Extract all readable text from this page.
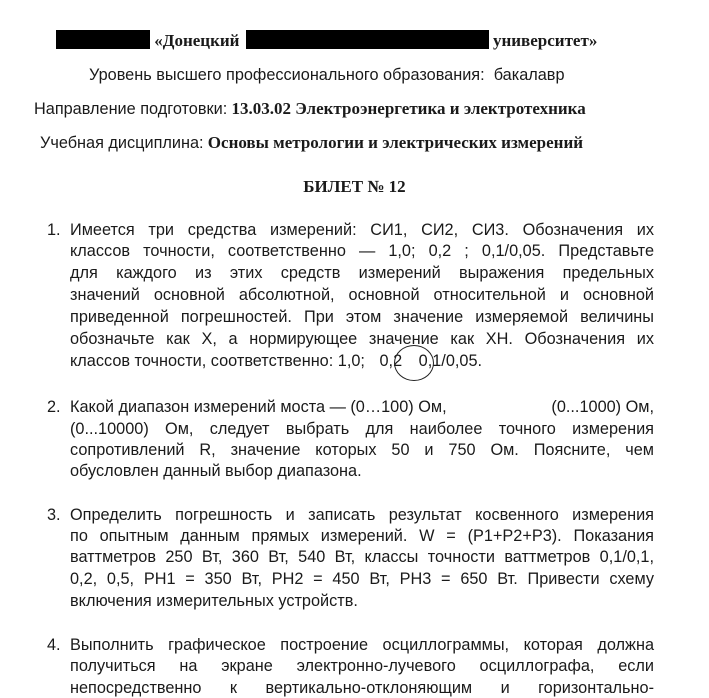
«Донецкий	университет»
Уровень высшего профессионального образования: бакалавр
Направление подготовки: 13.03.02 Электроэнергетика и электротехника
Учебная дисциплина: Основы метрологии и электрических измерений
БИЛЕТ № 12
1. Имеется три средства измерений: СИ1, СИ2, СИ3. Обозначения их
классов точности, соответственно — 1,0; 0,2 ; 0,1/0,05. Представьте
для каждого из этих средств измерений выражения предельных
значений основной абсолютной, основной относительной и основной
приведенной погрешностей. При этом значение измеряемой величины
обозначьте как X, а нормирующее значение как XH. Обозначения их
классов точности, соответственно: 1,0; 0,2 0,1/0,05.
2. Какой диапазон измерений моста — (0…100) Ом,	(0...1000) Ом,
(0...10000) Ом, следует выбрать для наиболее точного измерения
сопротивлений R, значение которых 50 и 750 Ом. Поясните, чем
обусловлен данный выбор диапазона.
3. Определить погрешность и записать результат косвенного измерения
по опытным данным прямых измерений. W = (P1+P2+P3). Показания
ваттметров 250 Вт, 360 Вт, 540 Вт, классы точности ваттметров 0,1/0,1,
0,2, 0,5, PH1 = 350 Вт, PH2 = 450 Вт, PH3 = 650 Вт. Привести схему
включения измерительных устройств.
4. Выполнить графическое построение осциллограммы, которая должна
получиться на экране электронно-лучевого осциллографа, если
непосредственно к вертикально-отклоняющим и горизонтально-
